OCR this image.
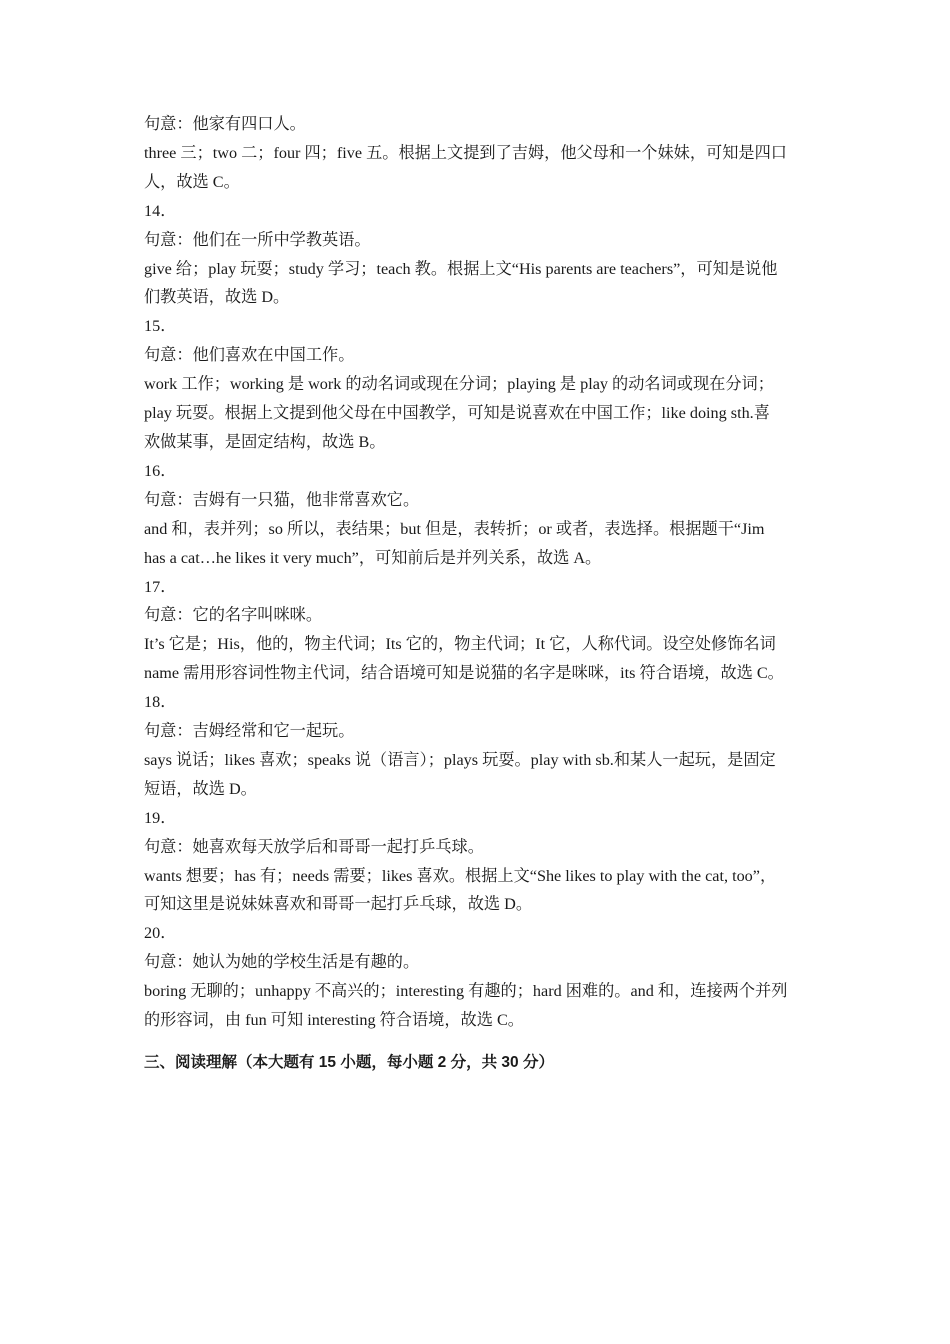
句意：他家有四口人。
three 三；two 二；four 四；five 五。根据上文提到了吉姆，他父母和一个妹妹，可知是四口
人，故选 C。
14．
句意：他们在一所中学教英语。
give 给；play 玩耍；study 学习；teach 教。根据上文“His parents are teachers”，可知是说他
们教英语，故选 D。
15．
句意：他们喜欢在中国工作。
work 工作；working 是 work 的动名词或现在分词；playing 是 play 的动名词或现在分词；
play 玩耍。根据上文提到他父母在中国教学，可知是说喜欢在中国工作；like doing sth.喜
欢做某事，是固定结构，故选 B。
16．
句意：吉姆有一只猫，他非常喜欢它。
and 和，表并列；so 所以，表结果；but 但是，表转折；or 或者，表选择。根据题干“Jim
has a cat…he likes it very much”，可知前后是并列关系，故选 A。
17．
句意：它的名字叫咪咪。
It’s 它是；His，他的，物主代词；Its 它的，物主代词；It 它，人称代词。设空处修饰名词
name 需用形容词性物主代词，结合语境可知是说猫的名字是咪咪，its 符合语境，故选 C。
18．
句意：吉姆经常和它一起玩。
says 说话；likes 喜欢；speaks 说（语言）；plays 玩耍。play with sb.和某人一起玩，是固定
短语，故选 D。
19．
句意：她喜欢每天放学后和哥哥一起打乒乓球。
wants 想要；has 有；needs 需要；likes 喜欢。根据上文“She likes to play with the cat, too”，
可知这里是说妹妹喜欢和哥哥一起打乒乓球，故选 D。
20．
句意：她认为她的学校生活是有趣的。
boring 无聊的；unhappy 不高兴的；interesting 有趣的；hard 困难的。and 和，连接两个并列
的形容词，由 fun 可知 interesting 符合语境，故选 C。
三、阅读理解（本大题有 15 小题，每小题 2 分，共 30 分）
